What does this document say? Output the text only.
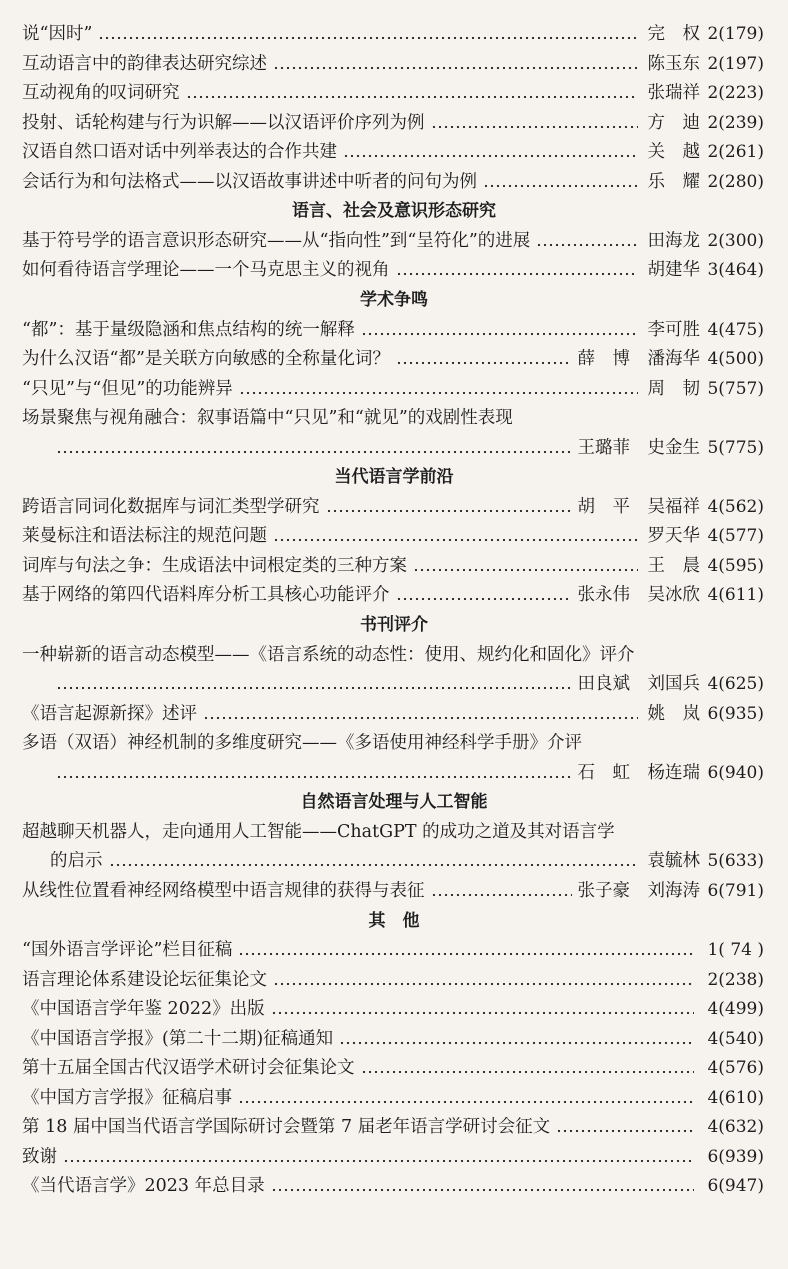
说“因时”	完　权 2(179)
互动语言中的韵律表达研究综述	陈玉东 2(197)
互动视角的叹词研究	张瑞祥 2(223)
投射、话轮构建与行为识解——以汉语评价序列为例	方　迪 2(239)
汉语自然口语对话中列举表达的合作共建	关　越 2(261)
会话行为和句法格式——以汉语故事讲述中听者的问句为例	乐　耀 2(280)
语言、社会及意识形态研究
基于符号学的语言意识形态研究——从“指向性”到“呈符化”的进展	田海龙 2(300)
如何看待语言学理论——一个马克思主义的视角	胡建华 3(464)
学术争鸣
“都”：基于量级隐涵和焦点结构的统一解释	李可胜 4(475)
为什么汉语“都”是关联方向敏感的全称量化词？	薛　博　潘海华 4(500)
“只见”与“但见”的功能辨异	周　韧 5(757)
场景聚焦与视角融合：叙事语篇中“只见”和“就见”的戏剧性表现
王璐菲　史金生 5(775)
当代语言学前沿
跨语言同词化数据库与词汇类型学研究	胡　平　吴福祥 4(562)
莱曼标注和语法标注的规范问题	罗天华 4(577)
词库与句法之争：生成语法中词根定类的三种方案	王　晨 4(595)
基于网络的第四代语料库分析工具核心功能评介	张永伟　吴冰欣 4(611)
书刊评介
一种崭新的语言动态模型——《语言系统的动态性：使用、规约化和固化》评介
田良斌　刘国兵 4(625)
《语言起源新探》述评	姚　岚 6(935)
多语（双语）神经机制的多维度研究——《多语使用神经科学手册》介评
石　虹　杨连瑞 6(940)
自然语言处理与人工智能
超越聊天机器人，走向通用人工智能——ChatGPT 的成功之道及其对语言学
的启示	袁毓林 5(633)
从线性位置看神经网络模型中语言规律的获得与表征	张子豪　刘海涛 6(791)
其　他
“国外语言学评论”栏目征稿	1( 74 )
语言理论体系建设论坛征集论文	2(238)
《中国语言学年鉴 2022》出版	4(499)
《中国语言学报》(第二十二期)征稿通知	4(540)
第十五届全国古代汉语学术研讨会征集论文	4(576)
《中国方言学报》征稿启事	4(610)
第 18 届中国当代语言学国际研讨会暨第 7 届老年语言学研讨会征文	4(632)
致谢	6(939)
《当代语言学》2023 年总目录	6(947)
